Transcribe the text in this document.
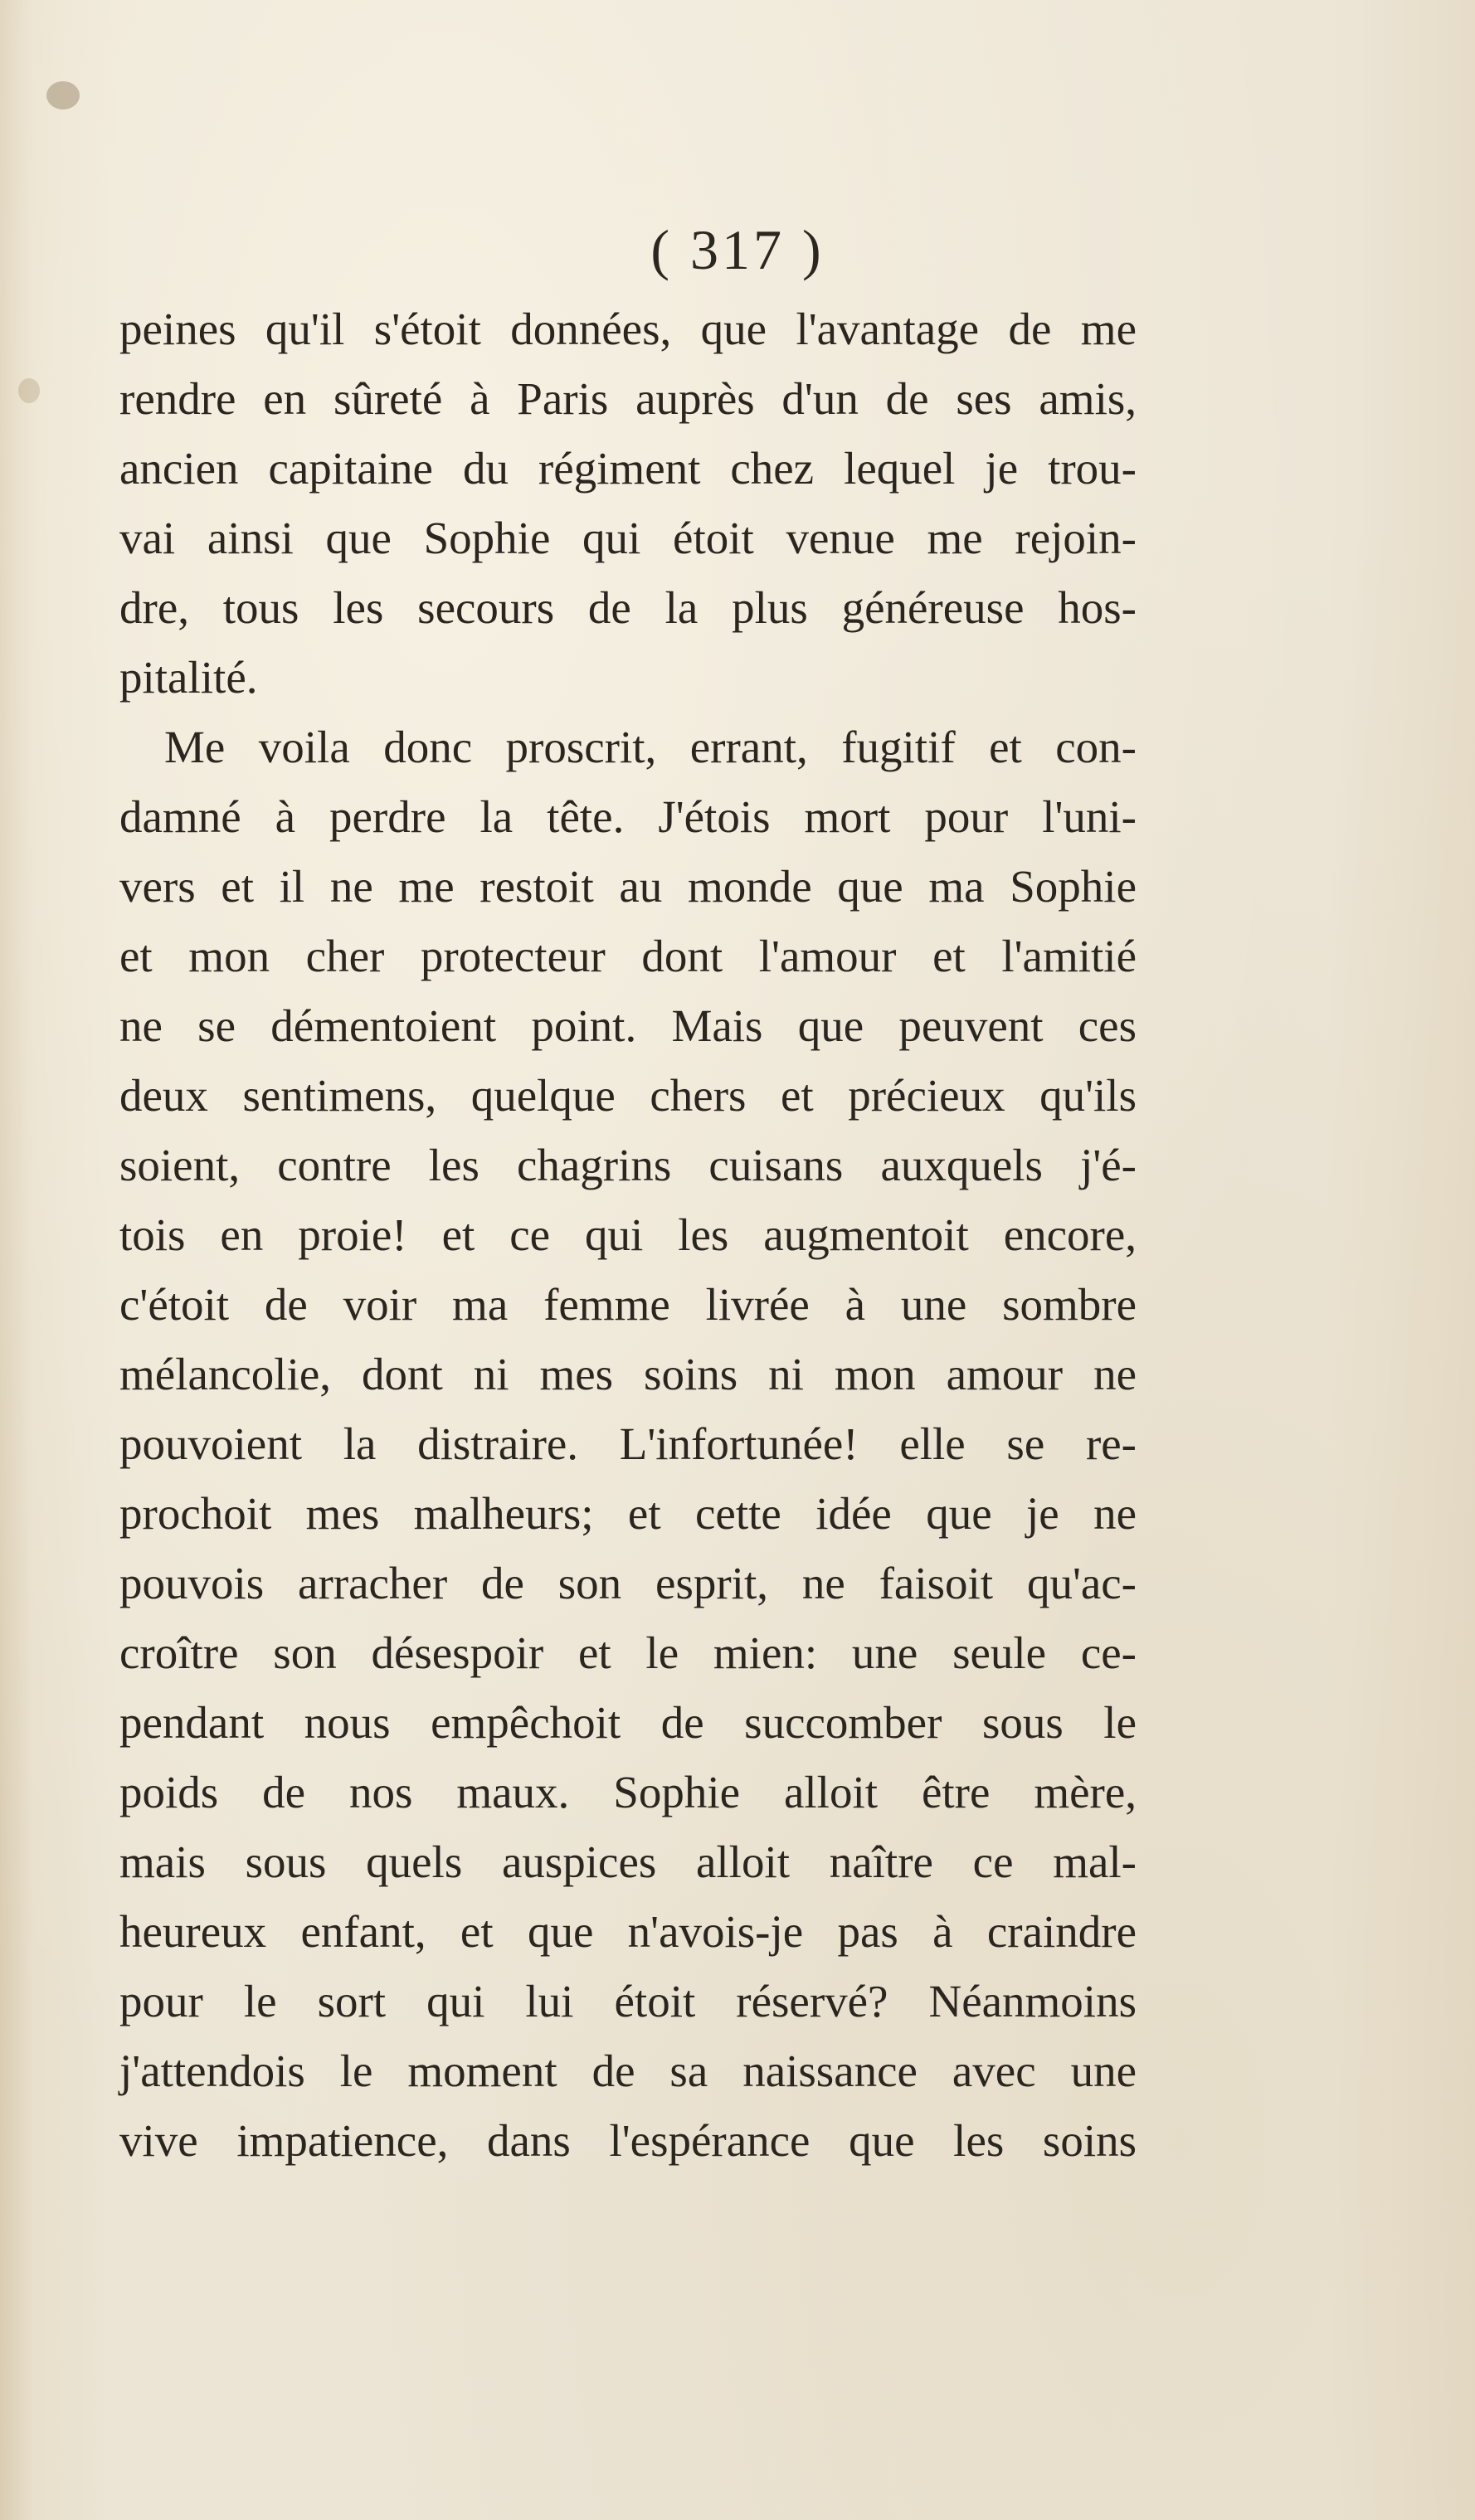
( 317 )
peines qu'il s'étoit données, que l'avantage de me
rendre en sûreté à Paris auprès d'un de ses amis,
ancien capitaine du régiment chez lequel je trou-
vai ainsi que Sophie qui étoit venue me rejoin-
dre, tous les secours de la plus généreuse hos-
pitalité.
Me voila donc proscrit, errant, fugitif et con-
damné à perdre la tête. J'étois mort pour l'uni-
vers et il ne me restoit au monde que ma Sophie
et mon cher protecteur dont l'amour et l'amitié
ne se démentoient point. Mais que peuvent ces
deux sentimens, quelque chers et précieux qu'ils
soient, contre les chagrins cuisans auxquels j'é-
tois en proie! et ce qui les augmentoit encore,
c'étoit de voir ma femme livrée à une sombre
mélancolie, dont ni mes soins ni mon amour ne
pouvoient la distraire. L'infortunée! elle se re-
prochoit mes malheurs; et cette idée que je ne
pouvois arracher de son esprit, ne faisoit qu'ac-
croître son désespoir et le mien: une seule ce-
pendant nous empêchoit de succomber sous le
poids de nos maux. Sophie alloit être mère,
mais sous quels auspices alloit naître ce mal-
heureux enfant, et que n'avois-je pas à craindre
pour le sort qui lui étoit réservé? Néanmoins
j'attendois le moment de sa naissance avec une
vive impatience, dans l'espérance que les soins
